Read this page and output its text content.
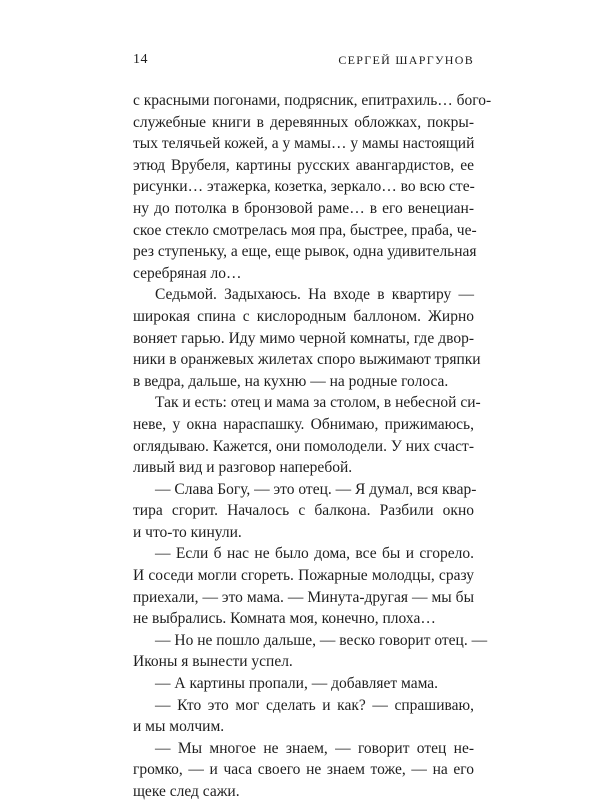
14	СЕРГЕЙ ШАРГУНОВ
с красными погонами, подрясник, епитрахиль… бого-
служебные книги в деревянных обложках, покры-
тых телячьей кожей, а у мамы… у мамы настоящий
этюд Врубеля, картины русских авангардистов, ее
рисунки… этажерка, козетка, зеркало… во всю сте-
ну до потолка в бронзовой раме… в его венециан-
ское стекло смотрелась моя пра, быстрее, праба, че-
рез ступеньку, а еще, еще рывок, одна удивительная
серебряная ло…
Седьмой. Задыхаюсь. На входе в квартиру —
широкая спина с кислородным баллоном. Жирно
воняет гарью. Иду мимо черной комнаты, где двор-
ники в оранжевых жилетах споро выжимают тряпки
в ведра, дальше, на кухню — на родные голоса.
Так и есть: отец и мама за столом, в небесной си-
неве, у окна нараспашку. Обнимаю, прижимаюсь,
оглядываю. Кажется, они помолодели. У них счаст-
ливый вид и разговор наперебой.
— Слава Богу, — это отец. — Я думал, вся квар-
тира сгорит. Началось с балкона. Разбили окно
и что-то кинули.
— Если б нас не было дома, все бы и сгорело.
И соседи могли сгореть. Пожарные молодцы, сразу
приехали, — это мама. — Минута-другая — мы бы
не выбрались. Комната моя, конечно, плоха…
— Но не пошло дальше, — веско говорит отец. —
Иконы я вынести успел.
— А картины пропали, — добавляет мама.
— Кто это мог сделать и как? — спрашиваю,
и мы молчим.
— Мы многое не знаем, — говорит отец не-
громко, — и часа своего не знаем тоже, — на его
щеке след сажи.
